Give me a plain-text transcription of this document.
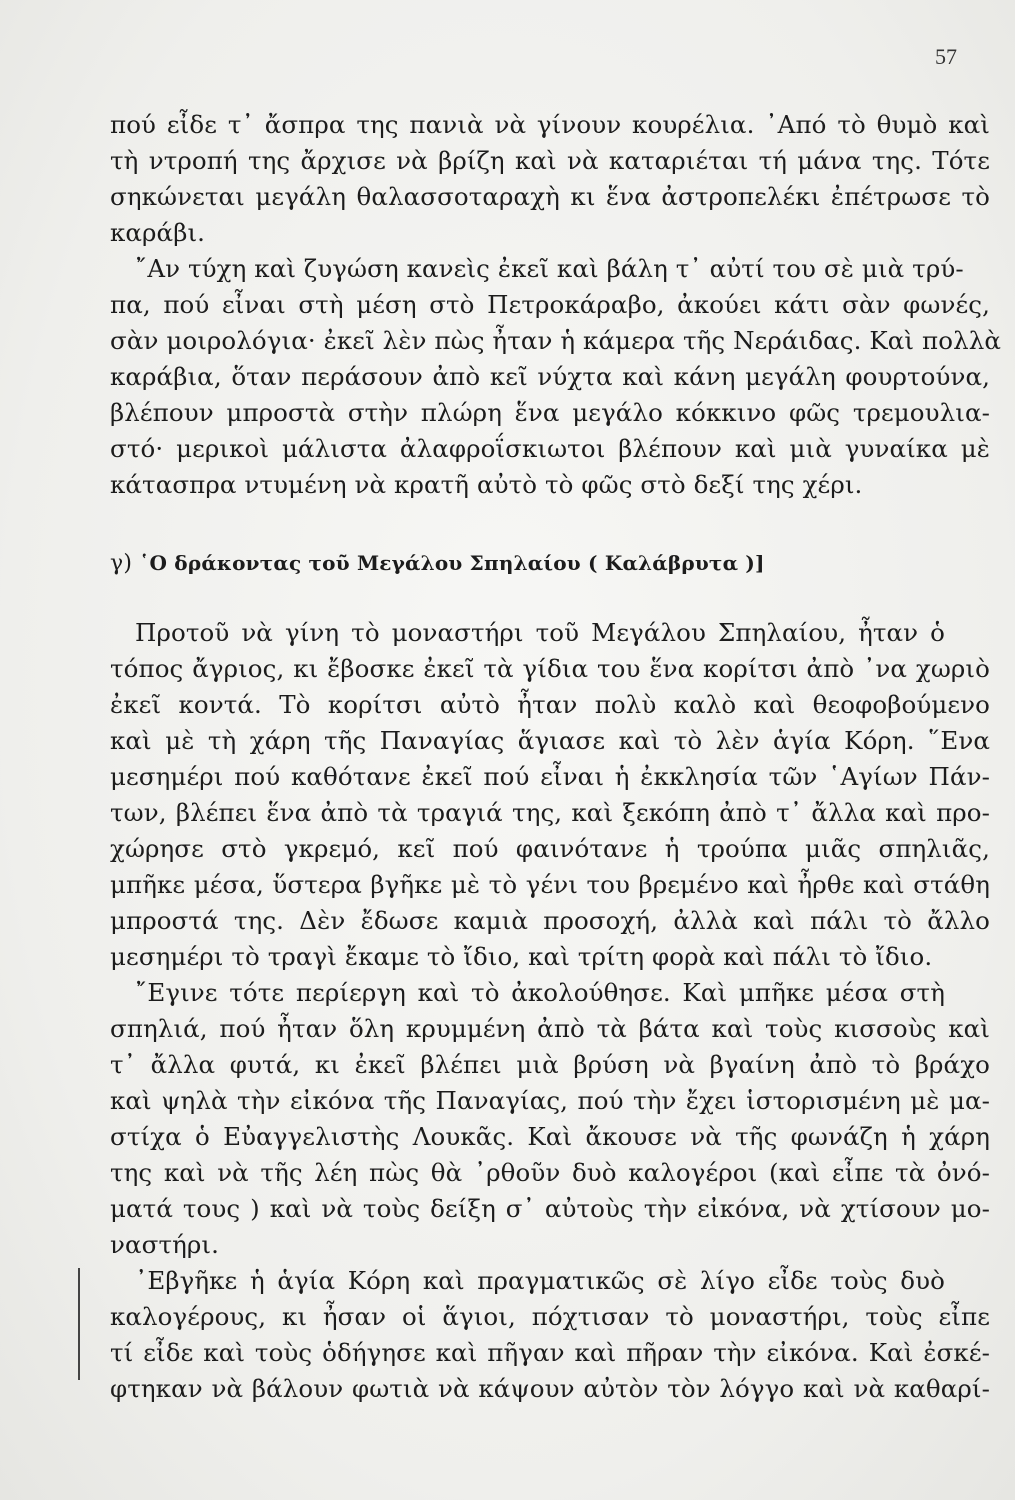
57
πού εἶδε τ᾿ ἄσπρα της πανιὰ νὰ γίνουν κουρέλια. ᾿Από τὸ θυμὸ καὶ
τὴ ντροπή της ἄρχισε νὰ βρίζη καὶ νὰ καταριέται τή μάνα της. Τότε
σηκώνεται μεγάλη θαλασσοταραχὴ κι ἕνα ἀστροπελέκι ἐπέτρωσε τὸ
καράβι.
῎Αν τύχη καὶ ζυγώση κανεὶς ἐκεῖ καὶ βάλη τ᾿ αὐτί του σὲ μιὰ τρύ-
πα, πού εἶναι στὴ μέση στὸ Πετροκάραβο, ἀκούει κάτι σὰν φωνές,
σὰν μοιρολόγια· ἐκεῖ λὲν πὼς ἦταν ἡ κάμερα τῆς Νεράιδας. Καὶ πολλὰ
καράβια, ὅταν περάσουν ἀπὸ κεῖ νύχτα καὶ κάνη μεγάλη φουρτούνα,
βλέπουν μπροστὰ στὴν πλώρη ἕνα μεγάλο κόκκινο φῶς τρεμουλια-
στό· μερικοὶ μάλιστα ἀλαφροΐσκιωτοι βλέπουν καὶ μιὰ γυναίκα μὲ
κάτασπρα ντυμένη νὰ κρατῆ αὐτὸ τὸ φῶς στὸ δεξί της χέρι.
γ) ῾Ο δράκοντας τοῦ Μεγάλου Σπηλαίου ( Καλάβρυτα )]
Προτοῦ νὰ γίνη τὸ μοναστήρι τοῦ Μεγάλου Σπηλαίου, ἦταν ὁ
τόπος ἄγριος, κι ἔβοσκε ἐκεῖ τὰ γίδια του ἕνα κορίτσι ἀπὸ ᾿να χωριὸ
ἐκεῖ κοντά. Τὸ κορίτσι αὐτὸ ἦταν πολὺ καλὸ καὶ θεοφοβούμενο
καὶ μὲ τὴ χάρη τῆς Παναγίας ἅγιασε καὶ τὸ λὲν ἁγία Κόρη. ῞Ενα
μεσημέρι πού καθότανε ἐκεῖ πού εἶναι ἡ ἐκκλησία τῶν ῾Αγίων Πάν-
των, βλέπει ἕνα ἀπὸ τὰ τραγιά της, καὶ ξεκόπη ἀπὸ τ᾿ ἄλλα καὶ προ-
χώρησε στὸ γκρεμό, κεῖ πού φαινότανε ἡ τρούπα μιᾶς σπηλιᾶς,
μπῆκε μέσα, ὕστερα βγῆκε μὲ τὸ γένι του βρεμένο καὶ ἦρθε καὶ στάθη
μπροστά της. Δὲν ἔδωσε καμιὰ προσοχή, ἀλλὰ καὶ πάλι τὸ ἄλλο
μεσημέρι τὸ τραγὶ ἔκαμε τὸ ἴδιο, καὶ τρίτη φορὰ καὶ πάλι τὸ ἴδιο.
῎Εγινε τότε περίεργη καὶ τὸ ἀκολούθησε. Καὶ μπῆκε μέσα στὴ
σπηλιά, πού ἦταν ὅλη κρυμμένη ἀπὸ τὰ βάτα καὶ τοὺς κισσοὺς καὶ
τ᾿ ἄλλα φυτά, κι ἐκεῖ βλέπει μιὰ βρύση νὰ βγαίνη ἀπὸ τὸ βράχο
καὶ ψηλὰ τὴν εἰκόνα τῆς Παναγίας, πού τὴν ἔχει ἱστορισμένη μὲ μα-
στίχα ὁ Εὐαγγελιστὴς Λουκᾶς. Καὶ ἄκουσε νὰ τῆς φωνάζη ἡ χάρη
της καὶ νὰ τῆς λέη πὼς θὰ ᾿ρθοῦν δυὸ καλογέροι (καὶ εἶπε τὰ ὀνό-
ματά τους ) καὶ νὰ τοὺς δείξη σ᾿ αὐτοὺς τὴν εἰκόνα, νὰ χτίσουν μο-
ναστήρι.
᾿Εβγῆκε ἡ ἁγία Κόρη καὶ πραγματικῶς σὲ λίγο εἶδε τοὺς δυὸ
καλογέρους, κι ἦσαν οἱ ἅγιοι, πόχτισαν τὸ μοναστήρι, τοὺς εἶπε
τί εἶδε καὶ τοὺς ὁδήγησε καὶ πῆγαν καὶ πῆραν τὴν εἰκόνα. Καὶ ἐσκέ-
φτηκαν νὰ βάλουν φωτιὰ νὰ κάψουν αὐτὸν τὸν λόγγο καὶ νὰ καθαρί-
